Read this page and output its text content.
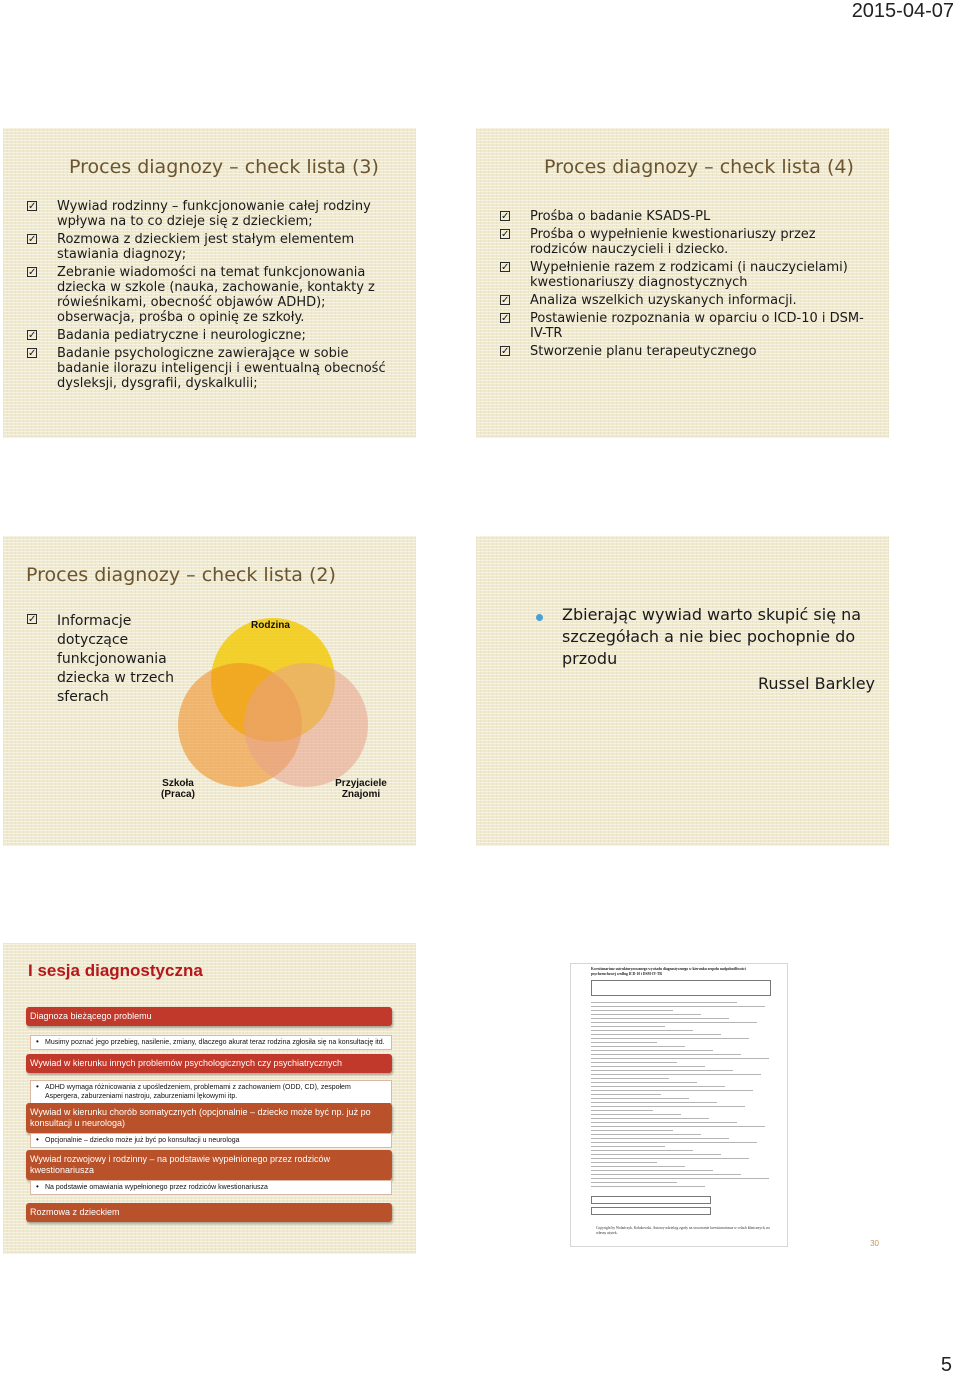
2015-04-07
Proces diagnozy – check lista (3)
✓ Wywiad rodzinny – funkcjonowanie całej rodziny wpływa na to co dzieje się z dzieckiem;
✓ Rozmowa z dzieckiem jest stałym elementem stawiania diagnozy;
✓ Zebranie wiadomości na temat funkcjonowania dziecka w szkole (nauka, zachowanie, kontakty z rówieśnikami, obecność objawów ADHD); obserwacja, prośba o opinię ze szkoły.
✓ Badania pediatryczne i neurologiczne;
✓ Badanie psychologiczne zawierające w sobie badanie ilorazu inteligencji i ewentualną obecność dysleksji, dysgrafii, dyskalkulii;
Proces diagnozy – check lista (4)
✓ Prośba o badanie KSADS-PL
✓ Prośba o wypełnienie kwestionariuszy przez rodziców nauczycieli i dziecko.
✓ Wypełnienie razem z rodzicami (i nauczycielami) kwestionariuszy diagnostycznych
✓ Analiza wszelkich uzyskanych informacji.
✓ Postawienie rozpoznania w oparciu o ICD-10 i DSM-IV-TR
✓ Stworzenie planu terapeutycznego
Proces diagnozy – check lista (2)
✓ Informacje dotyczące funkcjonowania dziecka w trzech sferach
Rodzina
Szkoła
(Praca)
Przyjaciele
Znajomi
Zbierając wywiad warto skupić się na szczegółach a nie biec pochopnie do przodu
Russel Barkley
I sesja diagnostyczna
Diagnoza bieżącego problemu
• Musimy poznać jego przebieg, nasilenie, zmiany, dlaczego akurat teraz rodzina zgłosiła się na konsultację itd.
Wywiad w kierunku innych problemów psychologicznych czy psychiatrycznych
• ADHD wymaga różnicowania z upośledzeniem, problemami z zachowaniem (ODD, CD), zespołem Aspergera, zaburzeniami nastroju, zaburzeniami lękowymi itp.
Wywiad w kierunku chorób somatycznych (opcjonalnie – dziecko może być np. już po konsultacji u neurologa)
• Opcjonalnie – dziecko może już być po konsultacji u neurologa
Wywiad rozwojowy i rodzinny – na podstawie wypełnionego przez rodziców kwestionariusza
• Na podstawie omawiania wypełnionego przez rodziców kwestionariusza
Rozmowa z dzieckiem
Kwestionariusz ustrukturyzowanego wywiadu diagnostycznego w kierunku zespołu nadpobudliwości psychoruchowej według ICD-10 i DSM-IV-TR
Copyright by Wolańczyk, Kołakowski. Autorzy udzielają zgody na stosowanie kwestionariusza w celach klinicznych, na własny użytek.
30
5
